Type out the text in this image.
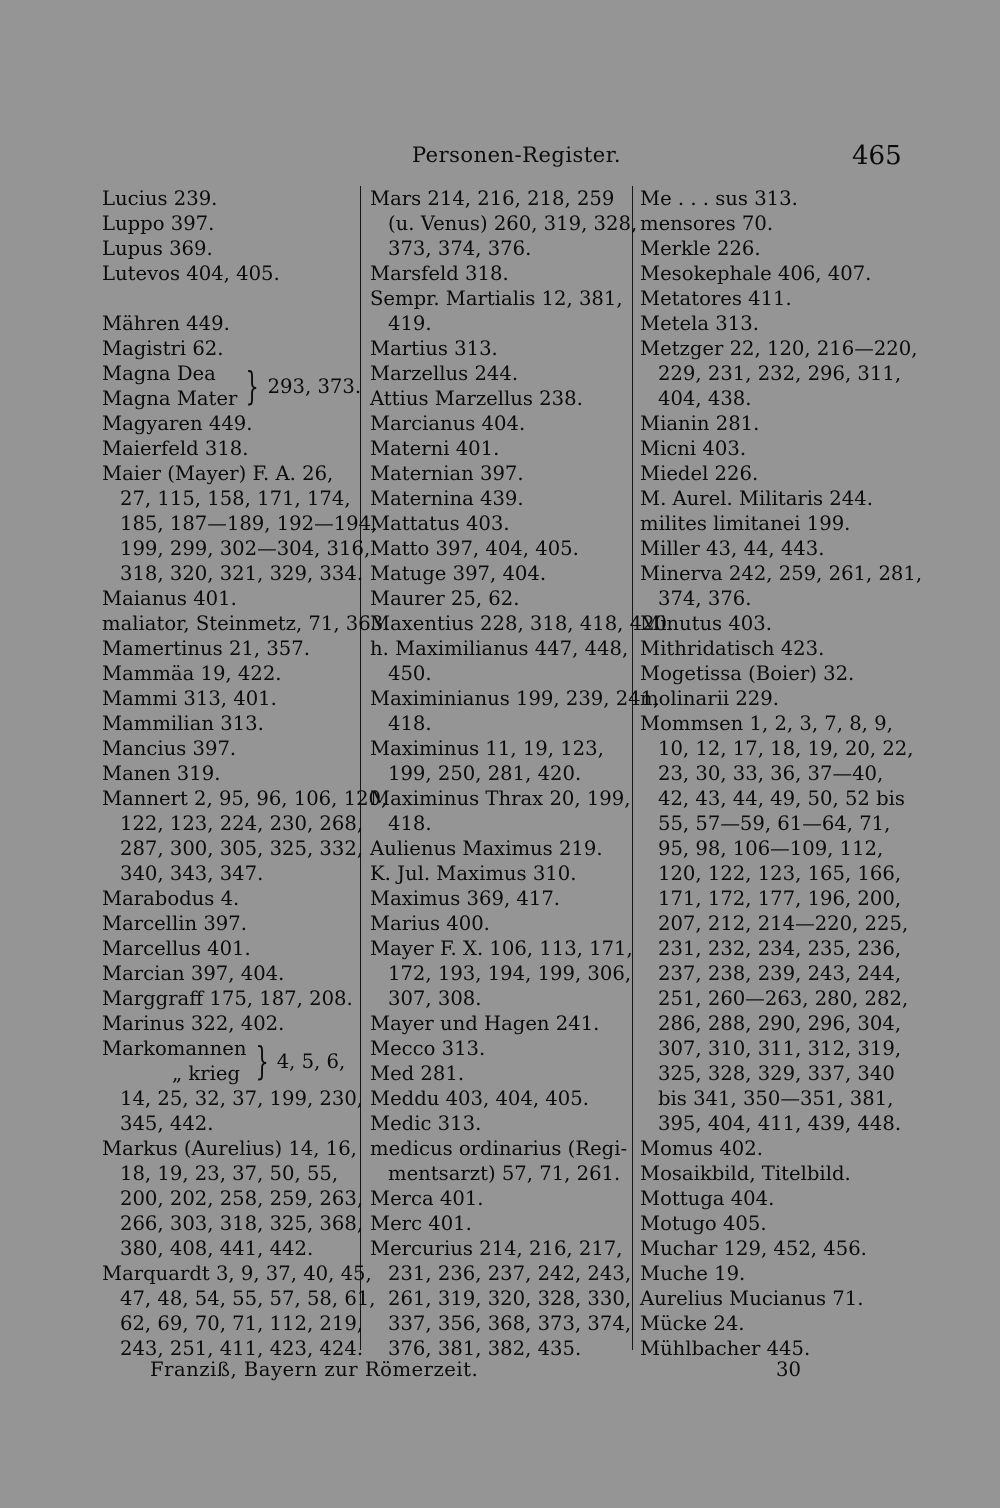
Personen-Register.	465
Lucius 239.
Luppo 397.
Lupus 369.
Lutevos 404, 405.
Mähren 449.
Magistri 62.
Magna Dea
Magna Mater } 293, 373.
Magyaren 449.
Maierfeld 318.
Maier (Mayer) F. A. 26,
27, 115, 158, 171, 174,
185, 187—189, 192—194,
199, 299, 302—304, 316,
318, 320, 321, 329, 334.
Maianus 401.
maliator, Steinmetz, 71, 363.
Mamertinus 21, 357.
Mammäa 19, 422.
Mammi 313, 401.
Mammilian 313.
Mancius 397.
Manen 319.
Mannert 2, 95, 96, 106, 120,
122, 123, 224, 230, 268,
287, 300, 305, 325, 332,
340, 343, 347.
Marabodus 4.
Marcellin 397.
Marcellus 401.
Marcian 397, 404.
Marggraff 175, 187, 208.
Marinus 322, 402.
Markomannen
„ krieg } 4, 5, 6,
14, 25, 32, 37, 199, 230,
345, 442.
Markus (Aurelius) 14, 16,
18, 19, 23, 37, 50, 55,
200, 202, 258, 259, 263,
266, 303, 318, 325, 368,
380, 408, 441, 442.
Marquardt 3, 9, 37, 40, 45,
47, 48, 54, 55, 57, 58, 61,
62, 69, 70, 71, 112, 219,
243, 251, 411, 423, 424.
Mars 214, 216, 218, 259
(u. Venus) 260, 319, 328,
373, 374, 376.
Marsfeld 318.
Sempr. Martialis 12, 381,
419.
Martius 313.
Marzellus 244.
Attius Marzellus 238.
Marcianus 404.
Materni 401.
Maternian 397.
Maternina 439.
Mattatus 403.
Matto 397, 404, 405.
Matuge 397, 404.
Maurer 25, 62.
Maxentius 228, 318, 418, 420.
h. Maximilianus 447, 448,
450.
Maximinianus 199, 239, 241,
418.
Maximinus 11, 19, 123,
199, 250, 281, 420.
Maximinus Thrax 20, 199,
418.
Aulienus Maximus 219.
K. Jul. Maximus 310.
Maximus 369, 417.
Marius 400.
Mayer F. X. 106, 113, 171,
172, 193, 194, 199, 306,
307, 308.
Mayer und Hagen 241.
Mecco 313.
Med 281.
Meddu 403, 404, 405.
Medic 313.
medicus ordinarius (Regi-
mentsarzt) 57, 71, 261.
Merca 401.
Merc 401.
Mercurius 214, 216, 217,
231, 236, 237, 242, 243,
261, 319, 320, 328, 330,
337, 356, 368, 373, 374,
376, 381, 382, 435.
Me . . . sus 313.
mensores 70.
Merkle 226.
Mesokephale 406, 407.
Metatores 411.
Metela 313.
Metzger 22, 120, 216—220,
229, 231, 232, 296, 311,
404, 438.
Mianin 281.
Micni 403.
Miedel 226.
M. Aurel. Militaris 244.
milites limitanei 199.
Miller 43, 44, 443.
Minerva 242, 259, 261, 281,
374, 376.
Minutus 403.
Mithridatisch 423.
Mogetissa (Boier) 32.
molinarii 229.
Mommsen 1, 2, 3, 7, 8, 9,
10, 12, 17, 18, 19, 20, 22,
23, 30, 33, 36, 37—40,
42, 43, 44, 49, 50, 52 bis
55, 57—59, 61—64, 71,
95, 98, 106—109, 112,
120, 122, 123, 165, 166,
171, 172, 177, 196, 200,
207, 212, 214—220, 225,
231, 232, 234, 235, 236,
237, 238, 239, 243, 244,
251, 260—263, 280, 282,
286, 288, 290, 296, 304,
307, 310, 311, 312, 319,
325, 328, 329, 337, 340
bis 341, 350—351, 381,
395, 404, 411, 439, 448.
Momus 402.
Mosaikbild, Titelbild.
Mottuga 404.
Motugo 405.
Muchar 129, 452, 456.
Muche 19.
Aurelius Mucianus 71.
Mücke 24.
Mühlbacher 445.
Franziß, Bayern zur Römerzeit.	30
